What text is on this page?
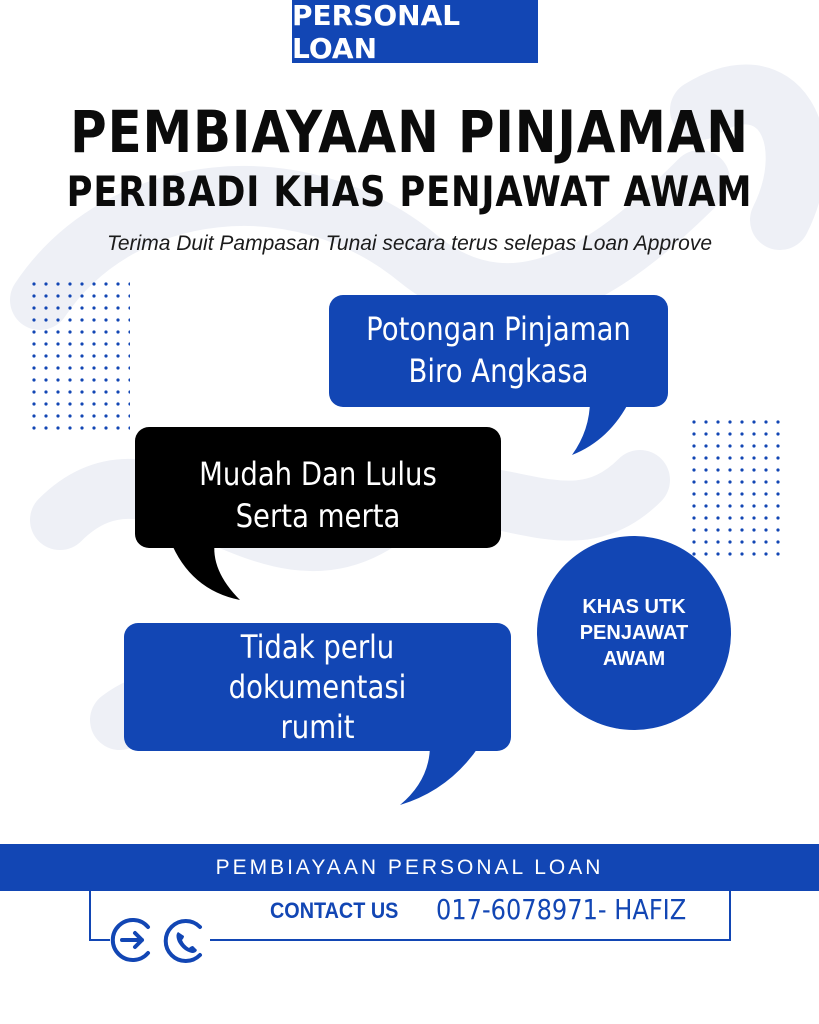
PERSONAL LOAN
PEMBIAYAAN PINJAMAN
PERIBADI KHAS PENJAWAT AWAM
Terima Duit Pampasan Tunai secara terus selepas Loan Approve
Potongan Pinjaman
Biro Angkasa
Mudah Dan Lulus
Serta merta
Tidak perlu
dokumentasi
rumit
KHAS UTK
PENJAWAT
AWAM
PEMBIAYAAN PERSONAL LOAN
CONTACT US 017-6078971- HAFIZ
